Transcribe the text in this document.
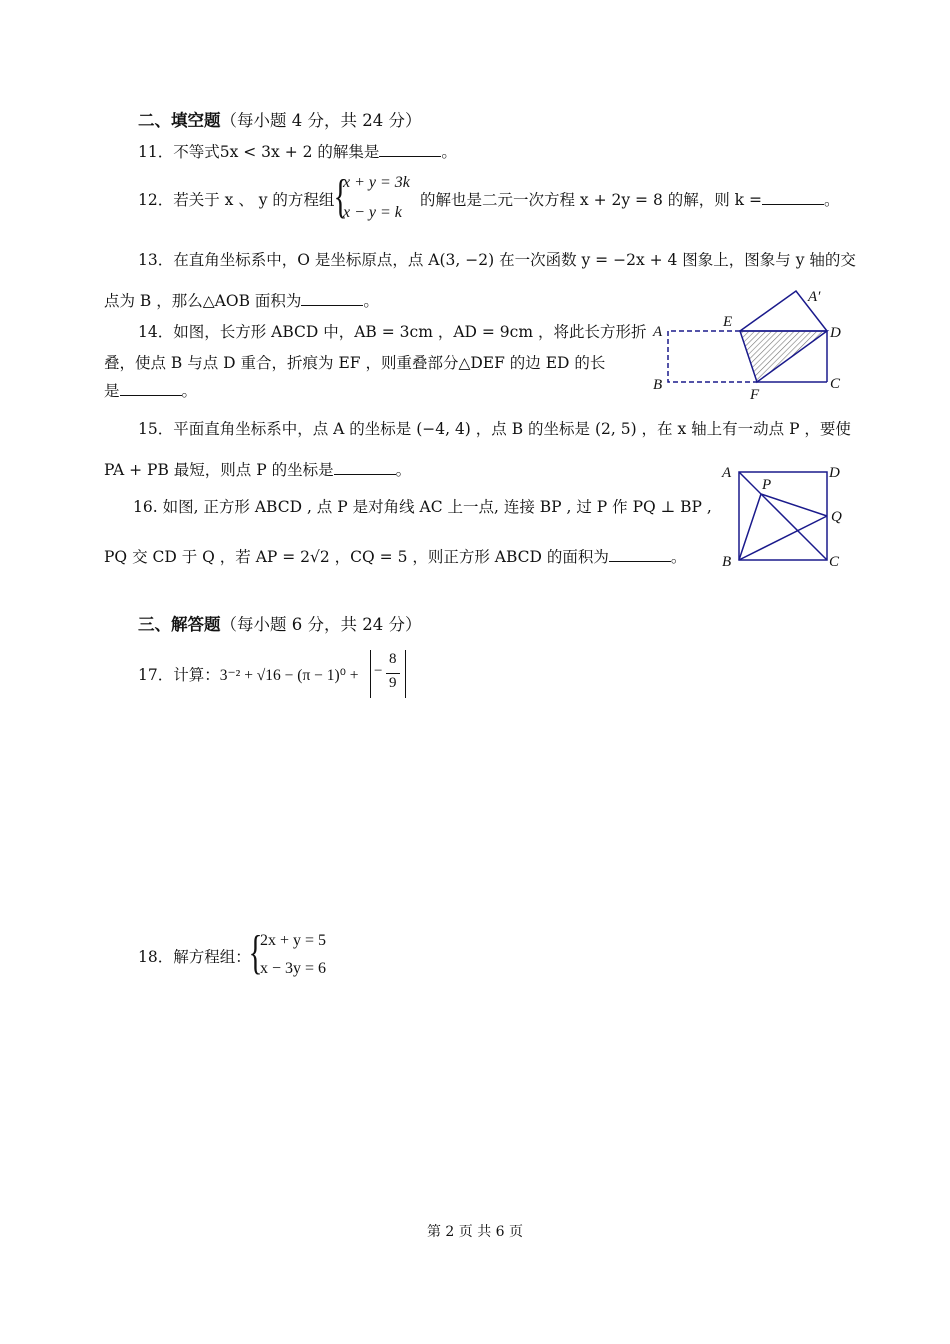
二、填空题（每小题 4 分，共 24 分）
11．不等式5x < 3x + 2 的解集是	。
12．若关于 x 、 y 的方程组 {
x + y = 3k
x − y = k
的解也是二元一次方程 x + 2y = 8 的解，则 k =	。
13．在直角坐标系中，O 是坐标原点，点 A(3, −2) 在一次函数 y = −2x + 4 图象上，图象与 y 轴的交
点为 B ，那么△AOB 面积为	。
14．如图，长方形 ABCD 中，AB = 3cm ，AD = 9cm ，将此长方形折
叠，使点 B 与点 D 重合，折痕为 EF ，则重叠部分△DEF 的边 ED 的长
是	。
A
B	C
D
E
F
A′
15．平面直角坐标系中，点 A 的坐标是 (−4, 4) ，点 B 的坐标是 (2, 5) ，在 x 轴上有一动点 P ，要使
PA + PB 最短，则点 P 的坐标是	。
16. 如图, 正方形 ABCD , 点 P 是对角线 AC 上一点, 连接 BP , 过 P 作 PQ ⊥ BP ,
PQ 交 CD 于 Q ，若 AP = 2√2 ，CQ = 5 ，则正方形 ABCD 的面积为	。
A
B	C
D
P
Q
三、解答题（每小题 6 分，共 24 分）
17．计算：3⁻² + √16 − (π − 1)⁰ + −
8
9
18．解方程组：
{
2x + y = 5
x − 3y = 6
第 2 页 共 6 页
